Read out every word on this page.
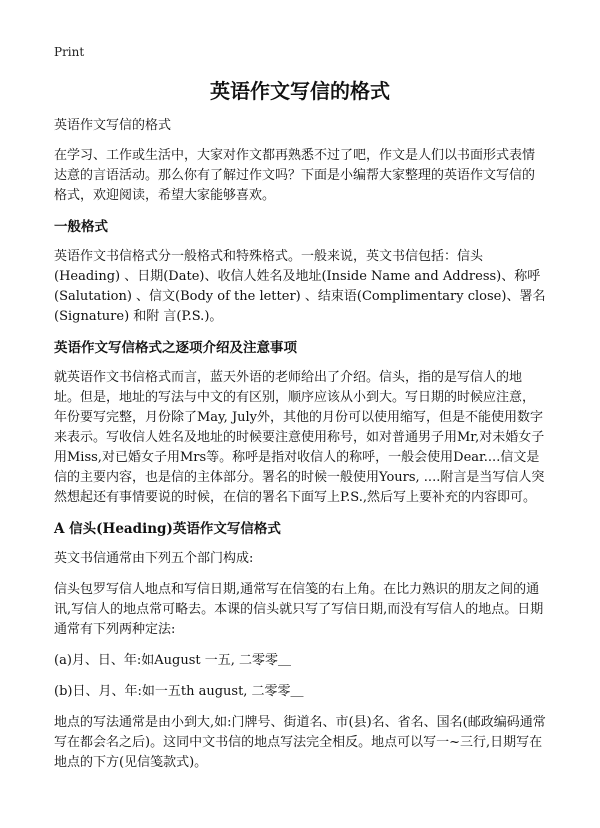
Print
英语作文写信的格式

英语作文写信的格式

在学习、工作或生活中，大家对作文都再熟悉不过了吧，作文是人们以书面形式表情达意的言语活动。那么你有了解过作文吗？下面是小编帮大家整理的英语作文写信的格式，欢迎阅读，希望大家能够喜欢。

一般格式

英语作文书信格式分一般格式和特殊格式。一般来说，英文书信包括：信头(Heading) 、日期(Date)、收信人姓名及地址(Inside Name and Address)、称呼(Salutation) 、信文(Body of the letter) 、结束语(Complimentary close)、署名(Signature) 和附 言(P.S.)。

英语作文写信格式之逐项介绍及注意事项

就英语作文书信格式而言，蓝天外语的老师给出了介绍。信头，指的是写信人的地址。但是，地址的写法与中文的有区别，顺序应该从小到大。写日期的时候应注意，年份要写完整，月份除了May, July外，其他的月份可以使用缩写，但是不能使用数字来表示。写收信人姓名及地址的时候要注意使用称号，如对普通男子用Mr,对未婚女子用Miss,对已婚女子用Mrs等。称呼是指对收信人的称呼，一般会使用Dear....信文是信的主要内容，也是信的主体部分。署名的时候一般使用Yours, ....附言是当写信人突然想起还有事情要说的时候，在信的署名下面写上P.S.,然后写上要补充的内容即可。

A 信头(Heading)英语作文写信格式

英文书信通常由下列五个部门构成:

信头包罗写信人地点和写信日期,通常写在信笺的右上角。在比力熟识的朋友之间的通讯,写信人的地点常可略去。本课的信头就只写了写信日期,而没有写信人的地点。日期通常有下列两种定法:

(a)月、日、年:如August 一五, 二零零＿

(b)日、月、年:如一五th august, 二零零＿

地点的写法通常是由小到大,如:门牌号、街道名、市(县)名、省名、国名(邮政编码通常写在都会名之后)。这同中文书信的地点写法完全相反。地点可以写一~三行,日期写在地点的下方(见信笺款式)。
